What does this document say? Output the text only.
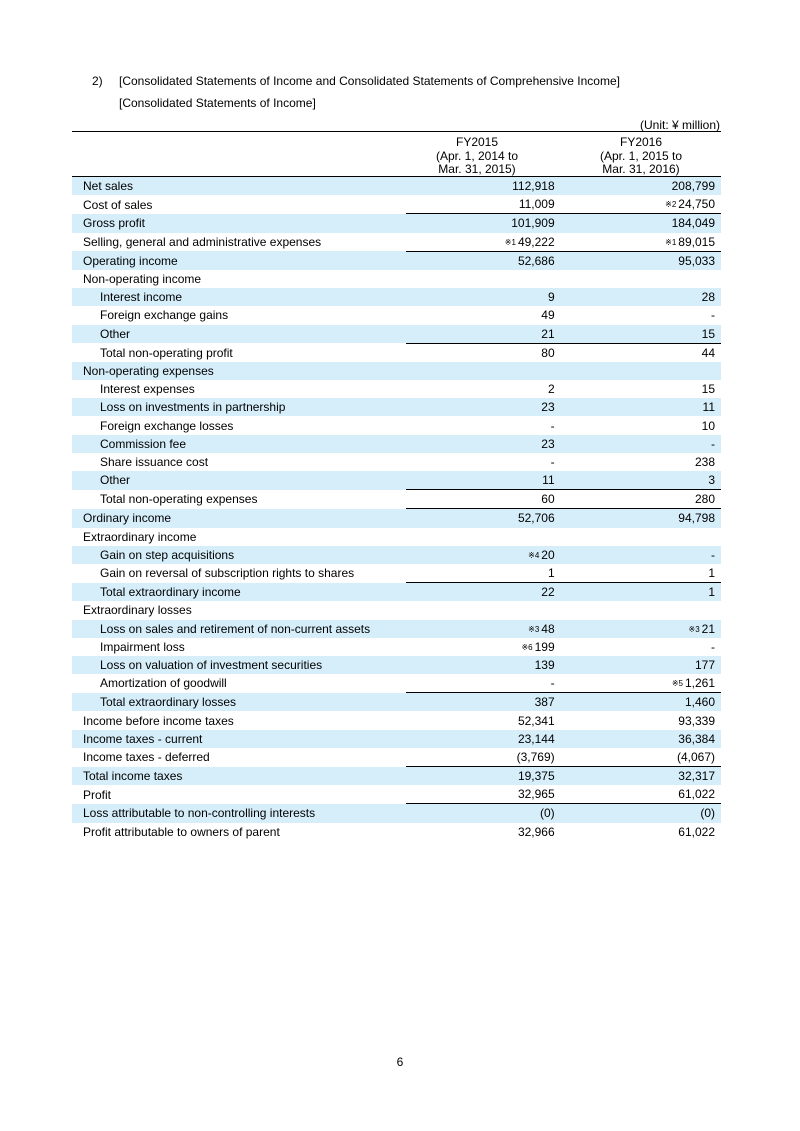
2) [Consolidated Statements of Income and Consolidated Statements of Comprehensive Income]
[Consolidated Statements of Income]
(Unit: ¥ million)
FY2015
(Apr. 1, 2014 to
Mar. 31, 2015)
FY2016
(Apr. 1, 2015 to
Mar. 31, 2016)
Net sales	112,918	208,799
Cost of sales	11,009	※2 24,750
Gross profit	101,909	184,049
Selling, general and administrative expenses	※1 49,222	※1 89,015
Operating income	52,686	95,033
Non-operating income		
Interest income	9	28
Foreign exchange gains	49	-
Other	21	15
Total non-operating profit	80	44
Non-operating expenses		
Interest expenses	2	15
Loss on investments in partnership	23	11
Foreign exchange losses	-	10
Commission fee	23	-
Share issuance cost	-	238
Other	11	3
Total non-operating expenses	60	280
Ordinary income	52,706	94,798
Extraordinary income		
Gain on step acquisitions	※4 20	-
Gain on reversal of subscription rights to shares	1	1
Total extraordinary income	22	1
Extraordinary losses		
Loss on sales and retirement of non-current assets	※3 48	※3 21
Impairment loss	※6 199	-
Loss on valuation of investment securities	139	177
Amortization of goodwill	-	※5 1,261
Total extraordinary losses	387	1,460
Income before income taxes	52,341	93,339
Income taxes - current	23,144	36,384
Income taxes - deferred	(3,769)	(4,067)
Total income taxes	19,375	32,317
Profit	32,965	61,022
Loss attributable to non-controlling interests	(0)	(0)
Profit attributable to owners of parent	32,966	61,022
6
